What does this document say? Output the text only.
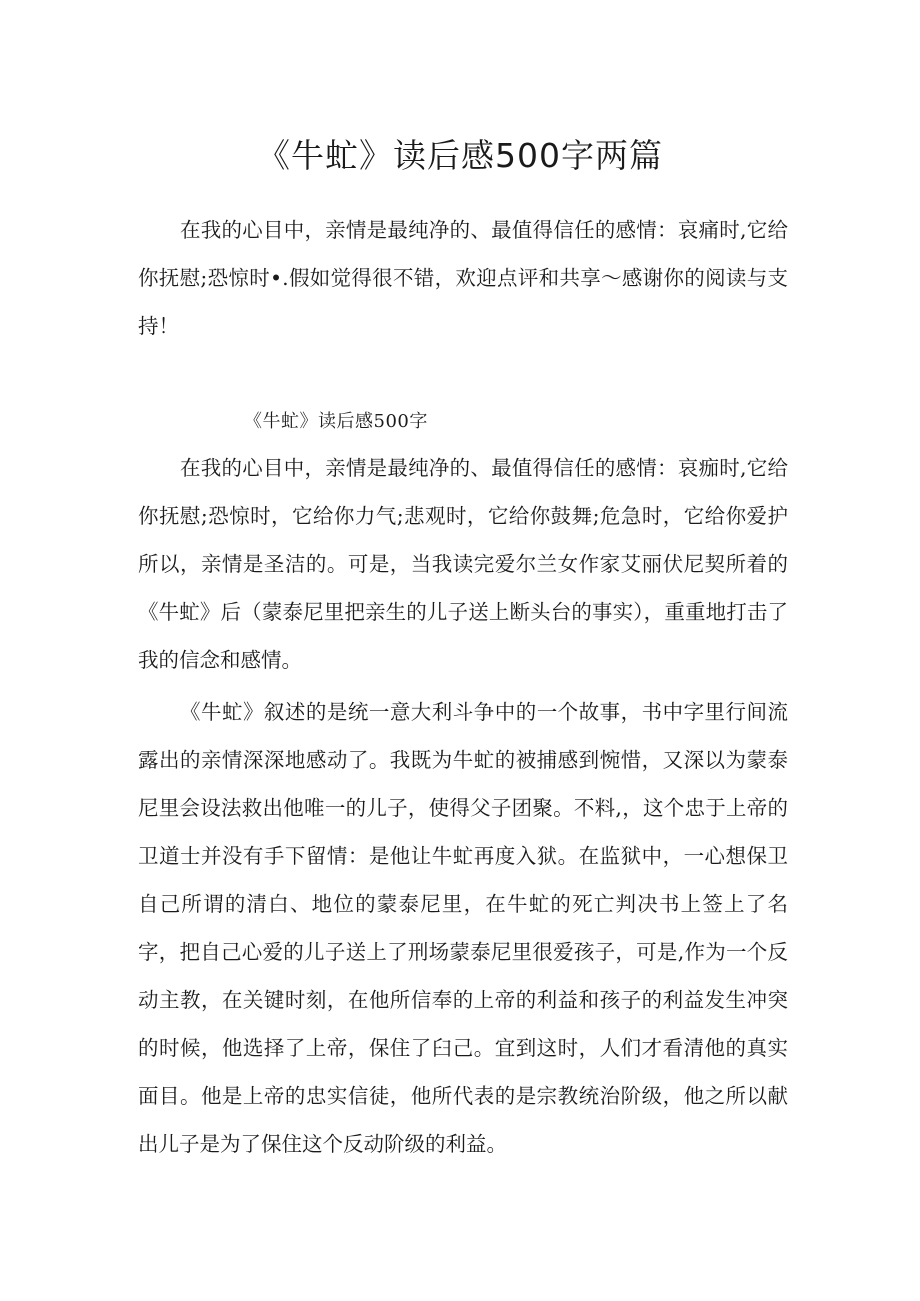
《牛虻》读后感500字两篇

在我的心目中，亲情是最纯净的、最值得信任的感情：哀痛时,它给你抚慰;恐惊时•.假如觉得很不错，欢迎点评和共享～感谢你的阅读与支持！

《牛虻》读后感500字

在我的心目中，亲情是最纯净的、最值得信任的感情：哀痂时,它给你抚慰;恐惊时，它给你力气;悲观时，它给你鼓舞;危急时，它给你爱护所以，亲情是圣洁的。可是，当我读完爱尔兰女作家艾丽伏尼契所着的《牛虻》后（蒙泰尼里把亲生的儿子送上断头台的事实），重重地打击了我的信念和感情。

《牛虻》叙述的是统一意大利斗争中的一个故事，书中字里行间流露出的亲情深深地感动了。我既为牛虻的被捕感到惋惜，又深以为蒙泰尼里会设法救出他唯一的儿子，使得父子团聚。不料,，这个忠于上帝的卫道士并没有手下留情：是他让牛虻再度入狱。在监狱中，一心想保卫自己所谓的清白、地位的蒙泰尼里，在牛虻的死亡判决书上签上了名字，把自己心爱的儿子送上了刑场蒙泰尼里很爱孩子，可是,作为一个反动主教，在关键时刻，在他所信奉的上帝的利益和孩子的利益发生冲突的时候，他选择了上帝，保住了臼己。宜到这时，人们才看清他的真实面目。他是上帝的忠实信徒，他所代表的是宗教统治阶级，他之所以献出儿子是为了保住这个反动阶级的利益。
